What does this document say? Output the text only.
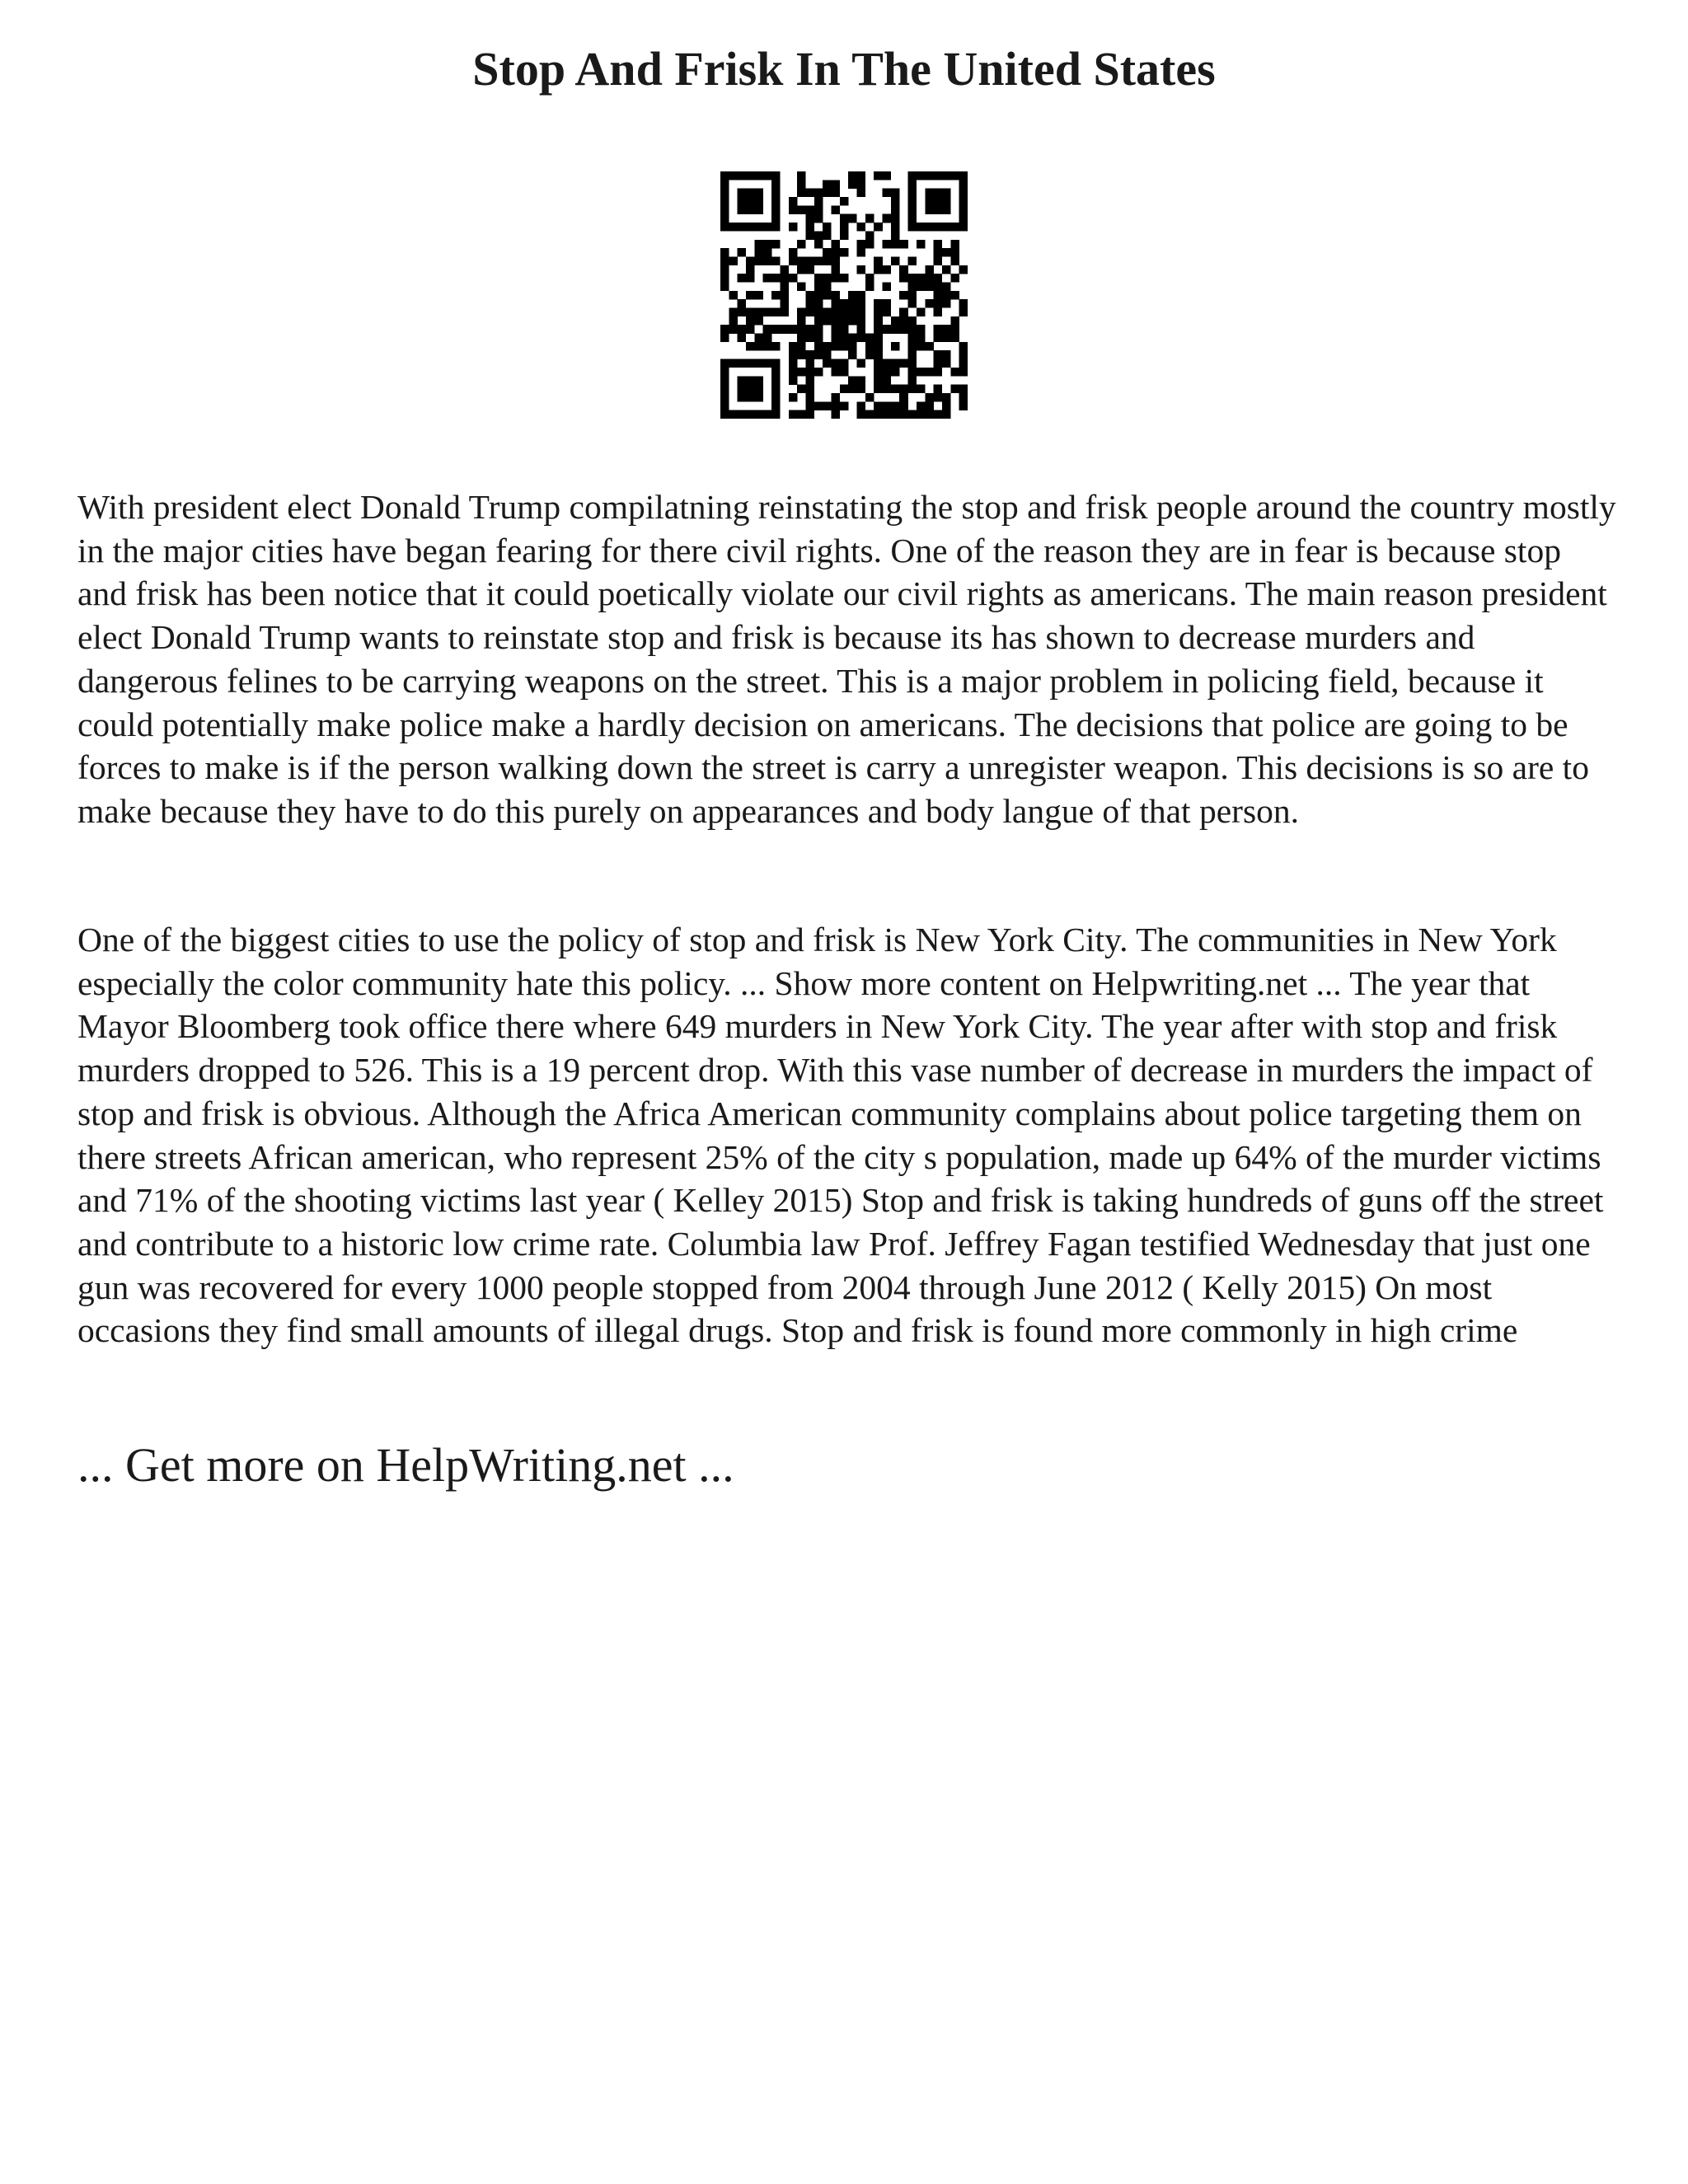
Stop And Frisk In The United States

With president elect Donald Trump compilatning reinstating the stop and frisk people around the country mostly in the major cities have began fearing for there civil rights. One of the reason they are in fear is because stop and frisk has been notice that it could poetically violate our civil rights as americans. The main reason president elect Donald Trump wants to reinstate stop and frisk is because its has shown to decrease murders and dangerous felines to be carrying weapons on the street. This is a major problem in policing field, because it could potentially make police make a hardly decision on americans. The decisions that police are going to be forces to make is if the person walking down the street is carry a unregister weapon. This decisions is so are to make because they have to do this purely on appearances and body langue of that person.

One of the biggest cities to use the policy of stop and frisk is New York City. The communities in New York especially the color community hate this policy. ... Show more content on Helpwriting.net ... The year that Mayor Bloomberg took office there where 649 murders in New York City. The year after with stop and frisk murders dropped to 526. This is a 19 percent drop. With this vase number of decrease in murders the impact of stop and frisk is obvious. Although the Africa American community complains about police targeting them on there streets African american, who represent 25% of the city s population, made up 64% of the murder victims and 71% of the shooting victims last year ( Kelley 2015) Stop and frisk is taking hundreds of guns off the street and contribute to a historic low crime rate. Columbia law Prof. Jeffrey Fagan testified Wednesday that just one gun was recovered for every 1000 people stopped from 2004 through June 2012 ( Kelly 2015) On most occasions they find small amounts of illegal drugs. Stop and frisk is found more commonly in high crime

... Get more on HelpWriting.net ...
